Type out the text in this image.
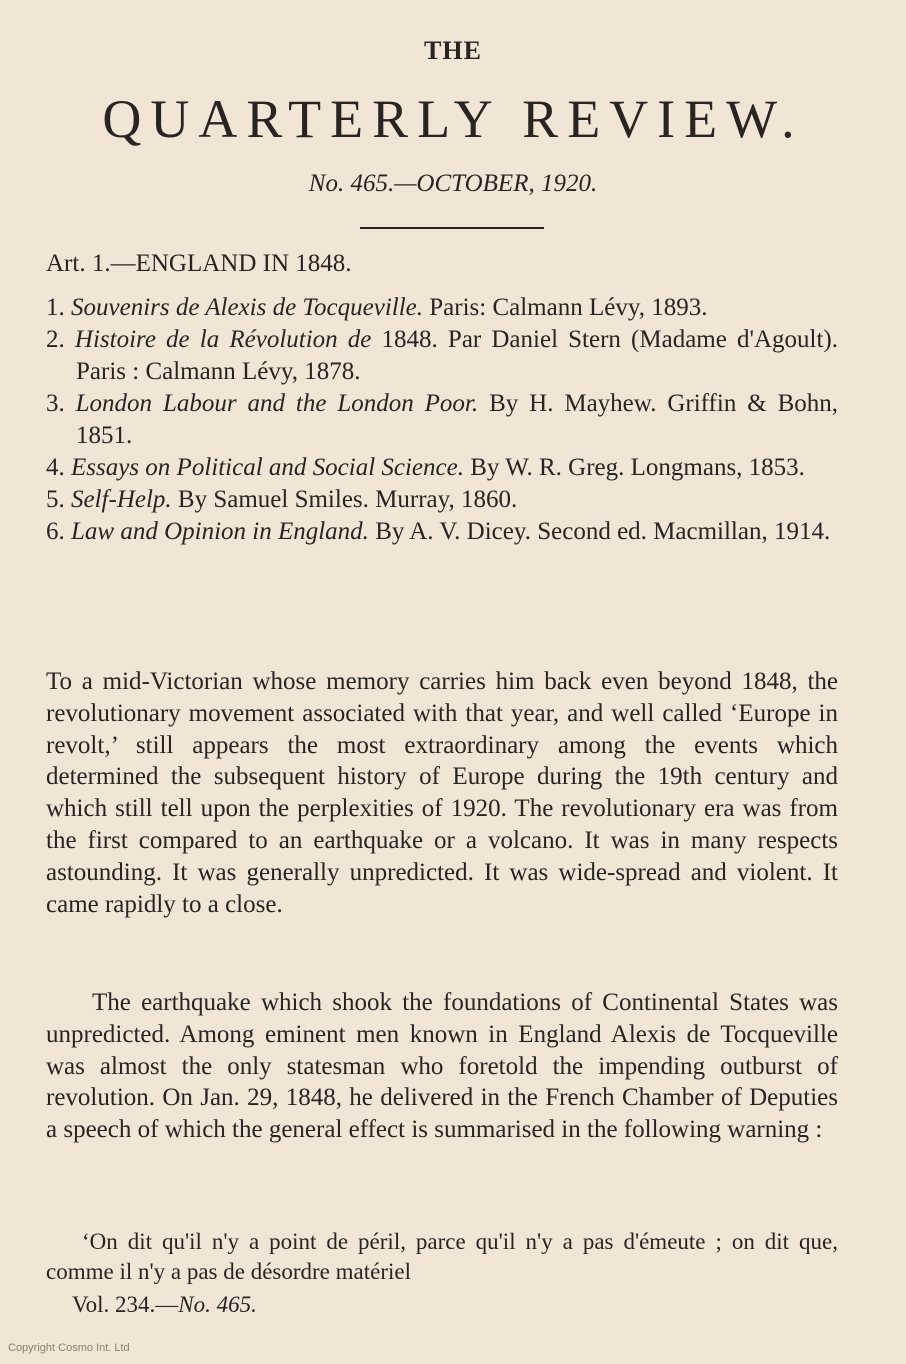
THE
QUARTERLY REVIEW.
No. 465.—OCTOBER, 1920.
Art. 1.—ENGLAND IN 1848.
1. Souvenirs de Alexis de Tocqueville. Paris: Calmann Lévy, 1893.
2. Histoire de la Révolution de 1848. Par Daniel Stern (Madame d'Agoult). Paris : Calmann Lévy, 1878.
3. London Labour and the London Poor. By H. Mayhew. Griffin & Bohn, 1851.
4. Essays on Political and Social Science. By W. R. Greg. Longmans, 1853.
5. Self-Help. By Samuel Smiles. Murray, 1860.
6. Law and Opinion in England. By A. V. Dicey. Second ed. Macmillan, 1914.

To a mid-Victorian whose memory carries him back even beyond 1848, the revolutionary movement associated with that year, and well called ‘Europe in revolt,’ still appears the most extraordinary among the events which determined the subsequent history of Europe during the 19th century and which still tell upon the perplexities of 1920. The revolutionary era was from the first compared to an earthquake or a volcano. It was in many respects astounding. It was generally unpredicted. It was wide-spread and violent. It came rapidly to a close.

The earthquake which shook the foundations of Continental States was unpredicted. Among eminent men known in England Alexis de Tocqueville was almost the only statesman who foretold the impending outburst of revolution. On Jan. 29, 1848, he delivered in the French Chamber of Deputies a speech of which the general effect is summarised in the following warning :

‘On dit qu'il n'y a point de péril, parce qu'il n'y a pas d'émeute ; on dit que, comme il n'y a pas de désordre matériel

Vol. 234.—No. 465.
Copyright Cosmo Int. Ltd
